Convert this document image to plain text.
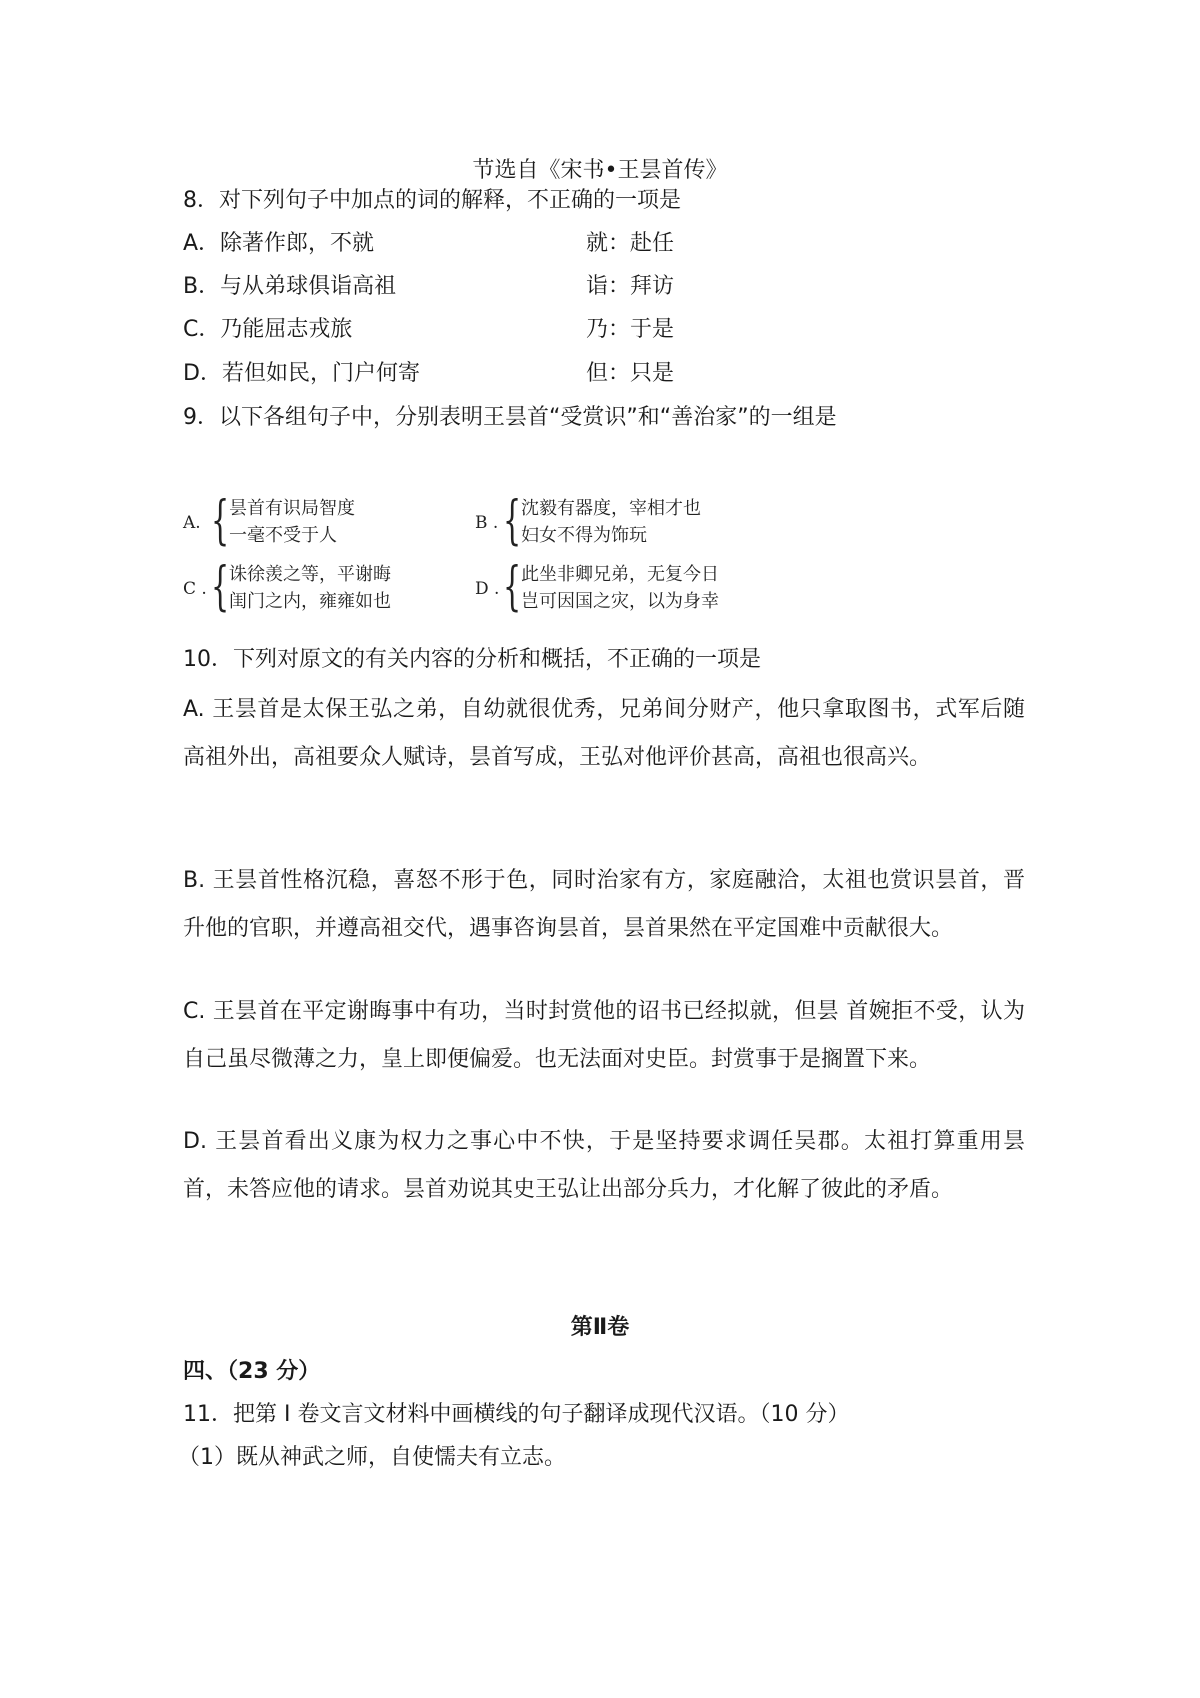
节选自《宋书•王昙首传》
8．对下列句子中加点的词的解释，不正确的一项是
A．除著作郎，不就	就：赴任
B．与从弟球俱诣高祖	诣：拜访
C．乃能屈志戎旅	乃：于是
D．若但如民，门户何寄	但：只是
9．以下各组句子中，分别表明王昙首“受赏识”和“善治家”的一组是
A. { 昙首有识局智度
一毫不受于人
B . { 沈毅有器度，宰相才也
妇女不得为饰玩
C . { 诛徐羡之等，平谢晦
闺门之内，雍雍如也
D . { 此坐非卿兄弟，无复今日
岂可因国之灾，以为身幸
10．下列对原文的有关内容的分析和概括，不正确的一项是
A. 王昙首是太保王弘之弟，自幼就很优秀，兄弟间分财产，他只拿取图书，式军后随高祖外出，高祖要众人赋诗，昙首写成，王弘对他评价甚高，高祖也很高兴。
B. 王昙首性格沉稳，喜怒不形于色，同时治家有方，家庭融洽，太祖也赏识昙首，晋升他的官职，并遵高祖交代，遇事咨询昙首，昙首果然在平定国难中贡献很大。
C. 王昙首在平定谢晦事中有功，当时封赏他的诏书已经拟就，但昙 首婉拒不受，认为自己虽尽微薄之力，皇上即便偏爱。也无法面对史臣。封赏事于是搁置下来。
D. 王昙首看出义康为权力之事心中不快，于是坚持要求调任吴郡。太祖打算重用昙首，未答应他的请求。昙首劝说其史王弘让出部分兵力，才化解了彼此的矛盾。
第Ⅱ卷
四、（23 分）
11．把第 I 卷文言文材料中画横线的句子翻译成现代汉语。（10 分）
（1）既从神武之师，自使懦夫有立志。
